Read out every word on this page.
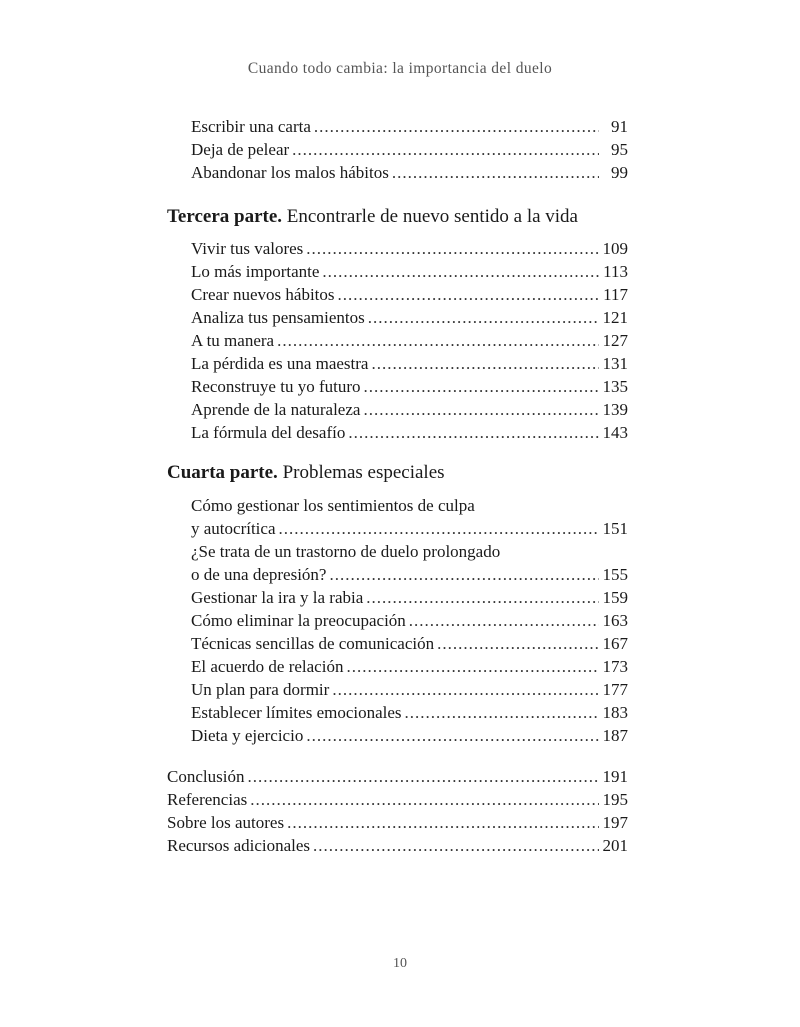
Cuando todo cambia: la importancia del duelo
Escribir una carta .....	91
Deja de pelear .....	95
Abandonar los malos hábitos .....	99
Tercera parte. Encontrarle de nuevo sentido a la vida
Vivir tus valores .....	109
Lo más importante .....	113
Crear nuevos hábitos .....	117
Analiza tus pensamientos .....	121
A tu manera .....	127
La pérdida es una maestra .....	131
Reconstruye tu yo futuro .....	135
Aprende de la naturaleza .....	139
La fórmula del desafío .....	143
Cuarta parte. Problemas especiales
Cómo gestionar los sentimientos de culpa
y autocrítica .....	151
¿Se trata de un trastorno de duelo prolongado
o de una depresión? .....	155
Gestionar la ira y la rabia .....	159
Cómo eliminar la preocupación .....	163
Técnicas sencillas de comunicación .....	167
El acuerdo de relación .....	173
Un plan para dormir .....	177
Establecer límites emocionales .....	183
Dieta y ejercicio .....	187
Conclusión .....	191
Referencias .....	195
Sobre los autores .....	197
Recursos adicionales .....	201
10
